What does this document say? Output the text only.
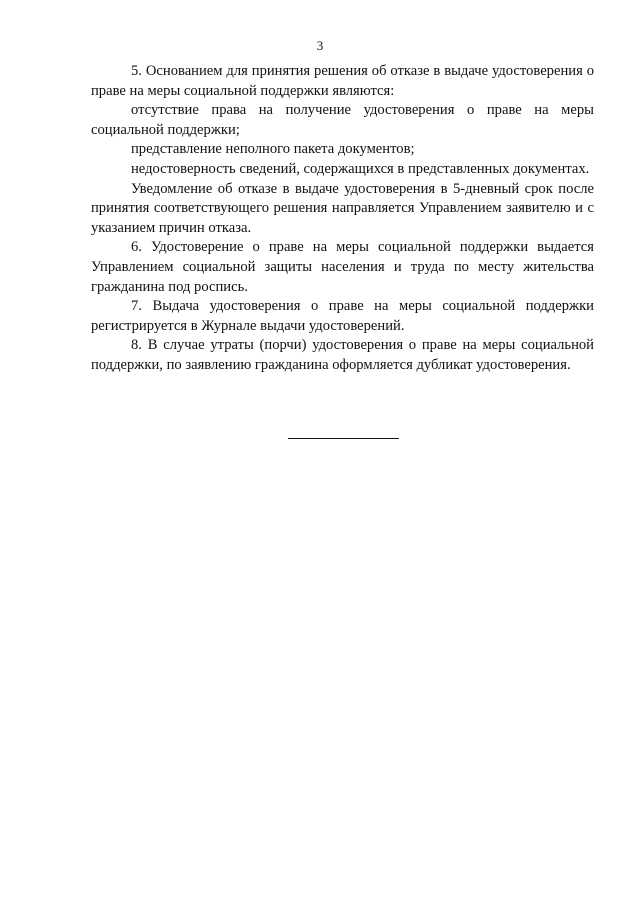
3

5. Основанием для принятия решения об отказе в выдаче удостоверения о праве на меры социальной поддержки являются:

отсутствие права на получение удостоверения о праве на меры социальной поддержки;

представление неполного пакета документов;

недостоверность сведений, содержащихся в представленных документах.

Уведомление об отказе в выдаче удостоверения в 5-дневный срок после принятия соответствующего решения направляется Управлением заявителю и с указанием причин отказа.

6. Удостоверение о праве на меры социальной поддержки выдается Управлением социальной защиты населения и труда по месту жительства гражданина под роспись.

7. Выдача удостоверения о праве на меры социальной поддержки регистрируется в Журнале выдачи удостоверений.

8. В случае утраты (порчи) удостоверения о праве на меры социальной поддержки, по заявлению гражданина оформляется дубликат удостоверения.
